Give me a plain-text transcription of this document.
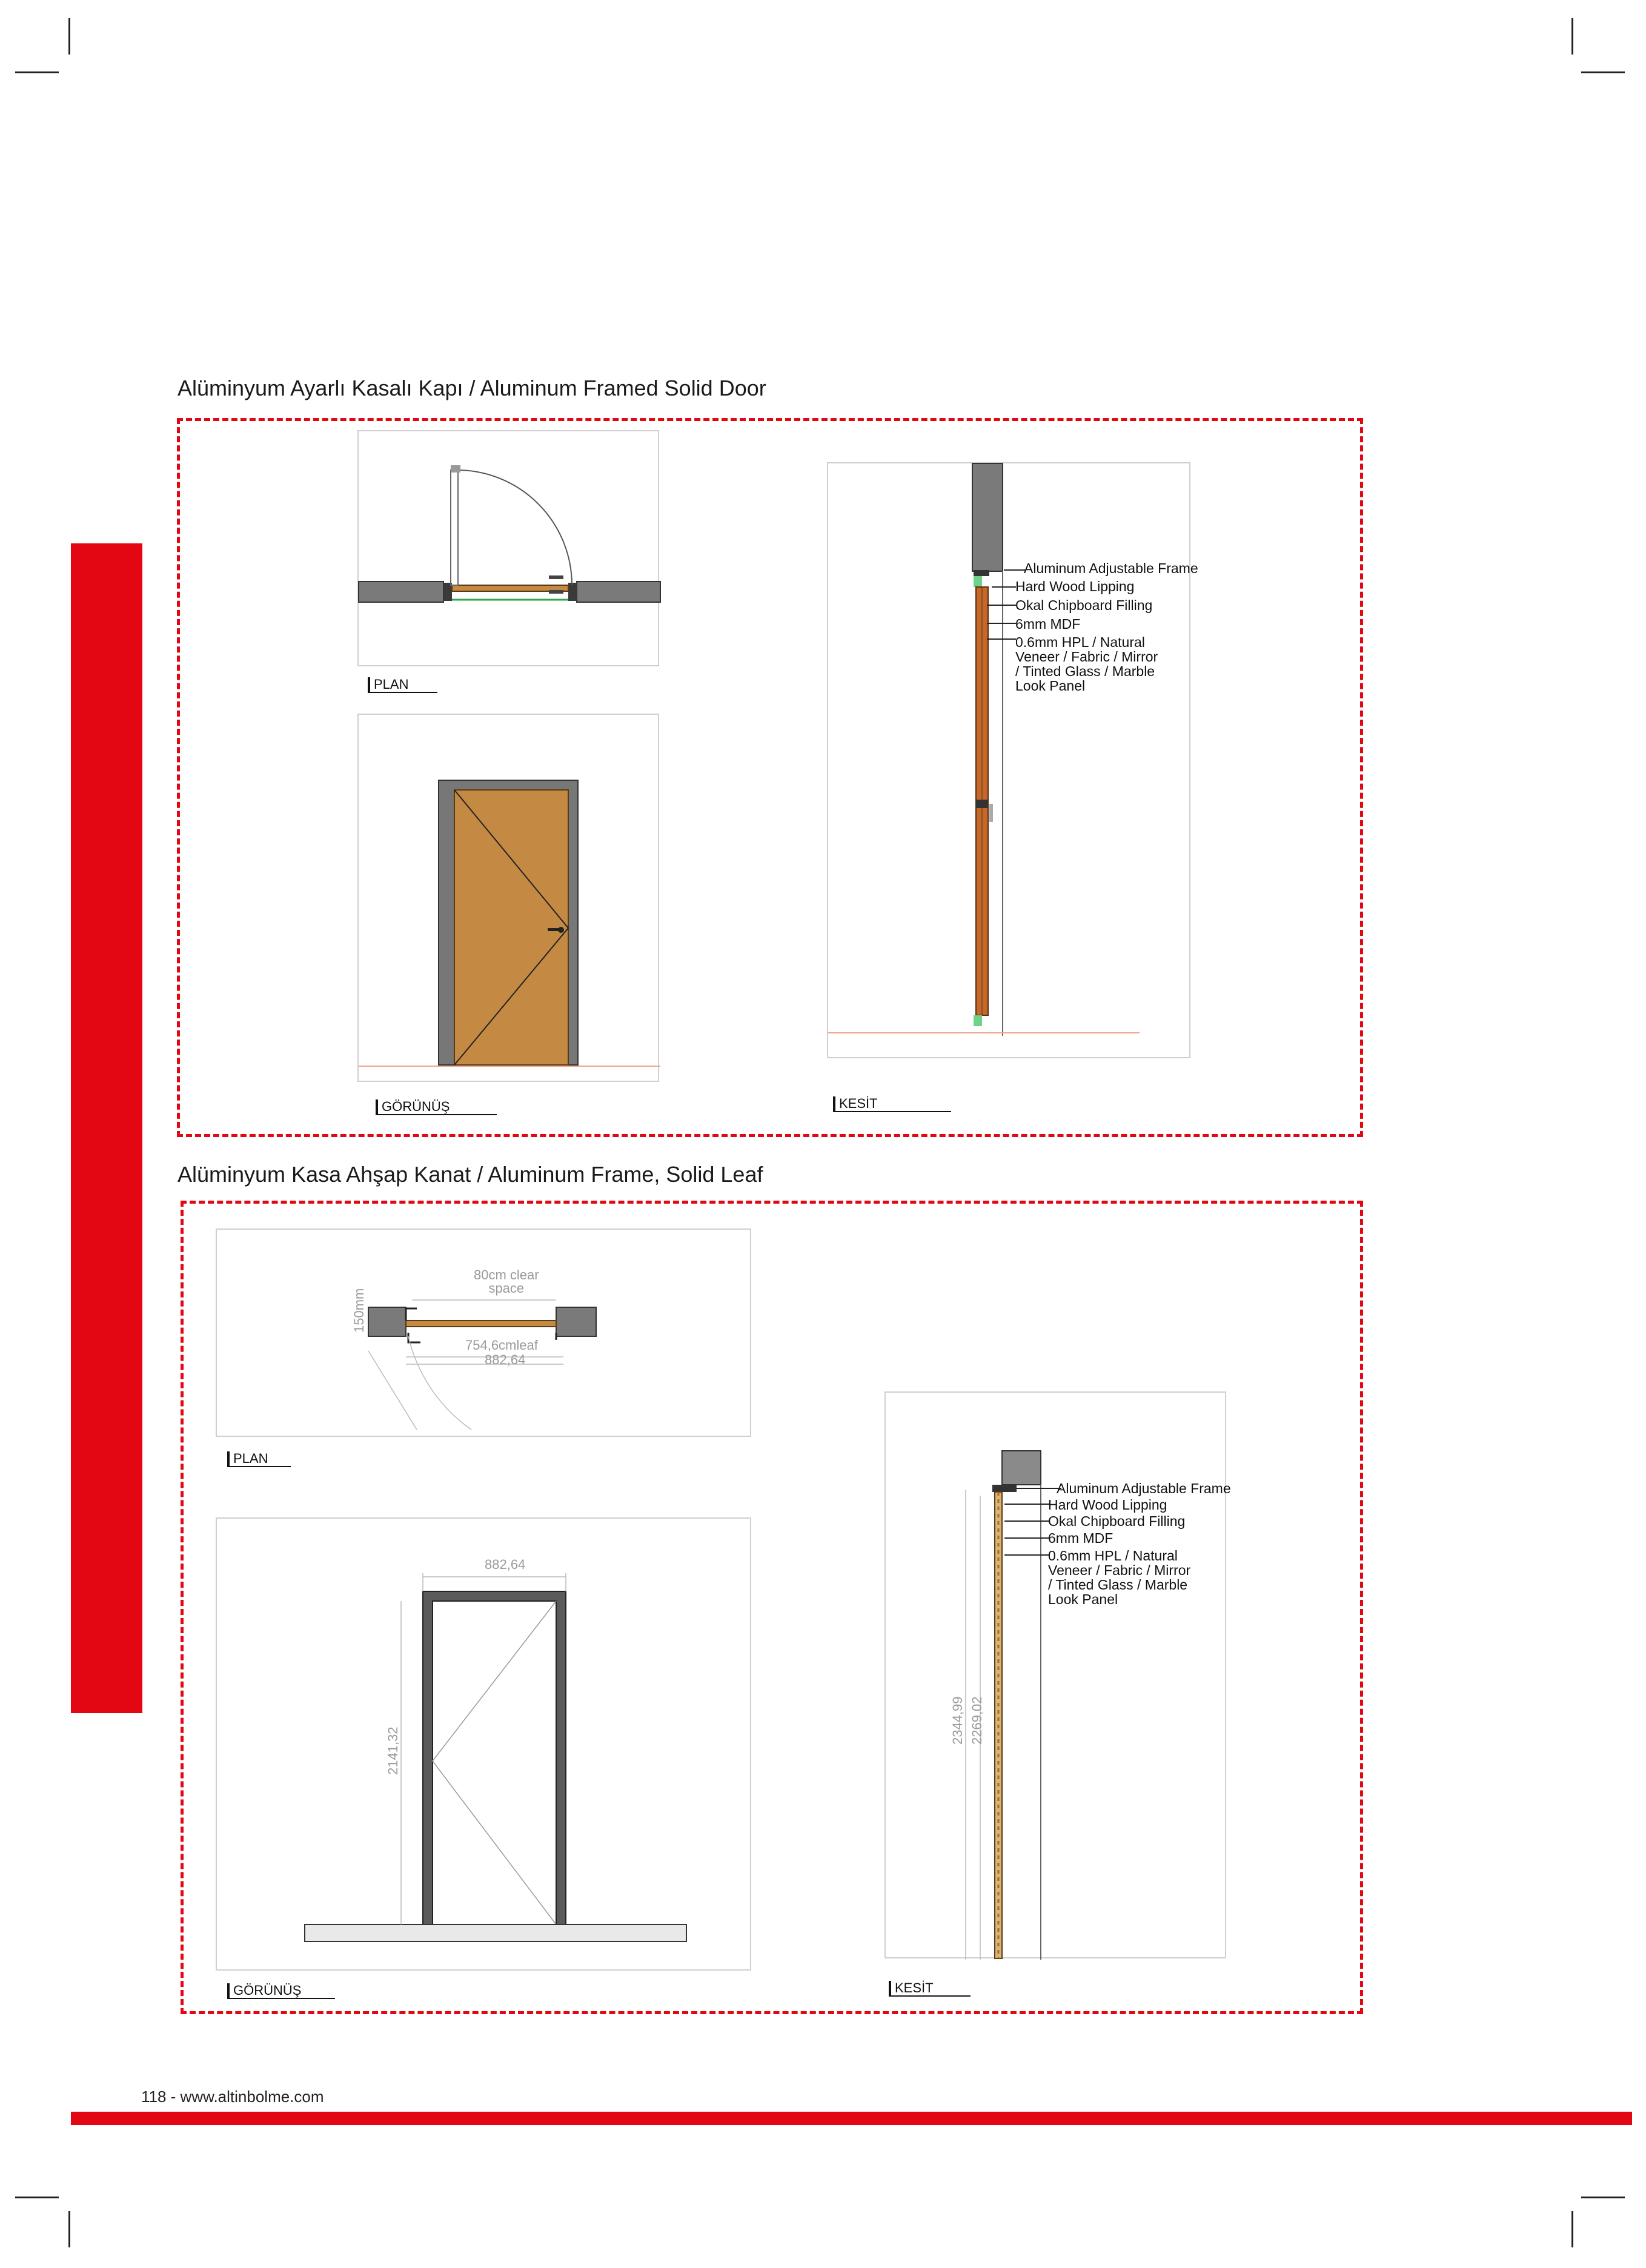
Alüminyum Ayarlı Kasalı Kapı / Aluminum Framed Solid Door
PLAN
GÖRÜNÜŞ
Aluminum Adjustable Frame
Hard Wood Lipping
Okal Chipboard Filling
6mm MDF
0.6mm HPL / Natural
Veneer / Fabric / Mirror
/ Tinted Glass / Marble
Look Panel
KESİT
Alüminyum Kasa Ahşap Kanat / Aluminum Frame, Solid Leaf
80cm clear
space
754,6cmleaf
882,64
150mm
PLAN
882,64
2141,32
GÖRÜNÜŞ
Aluminum Adjustable Frame
Hard Wood Lipping
Okal Chipboard Filling
6mm MDF
0.6mm HPL / Natural
Veneer / Fabric / Mirror
/ Tinted Glass / Marble
Look Panel
2344,99 2269,02
KESİT
118 - www.altinbolme.com
